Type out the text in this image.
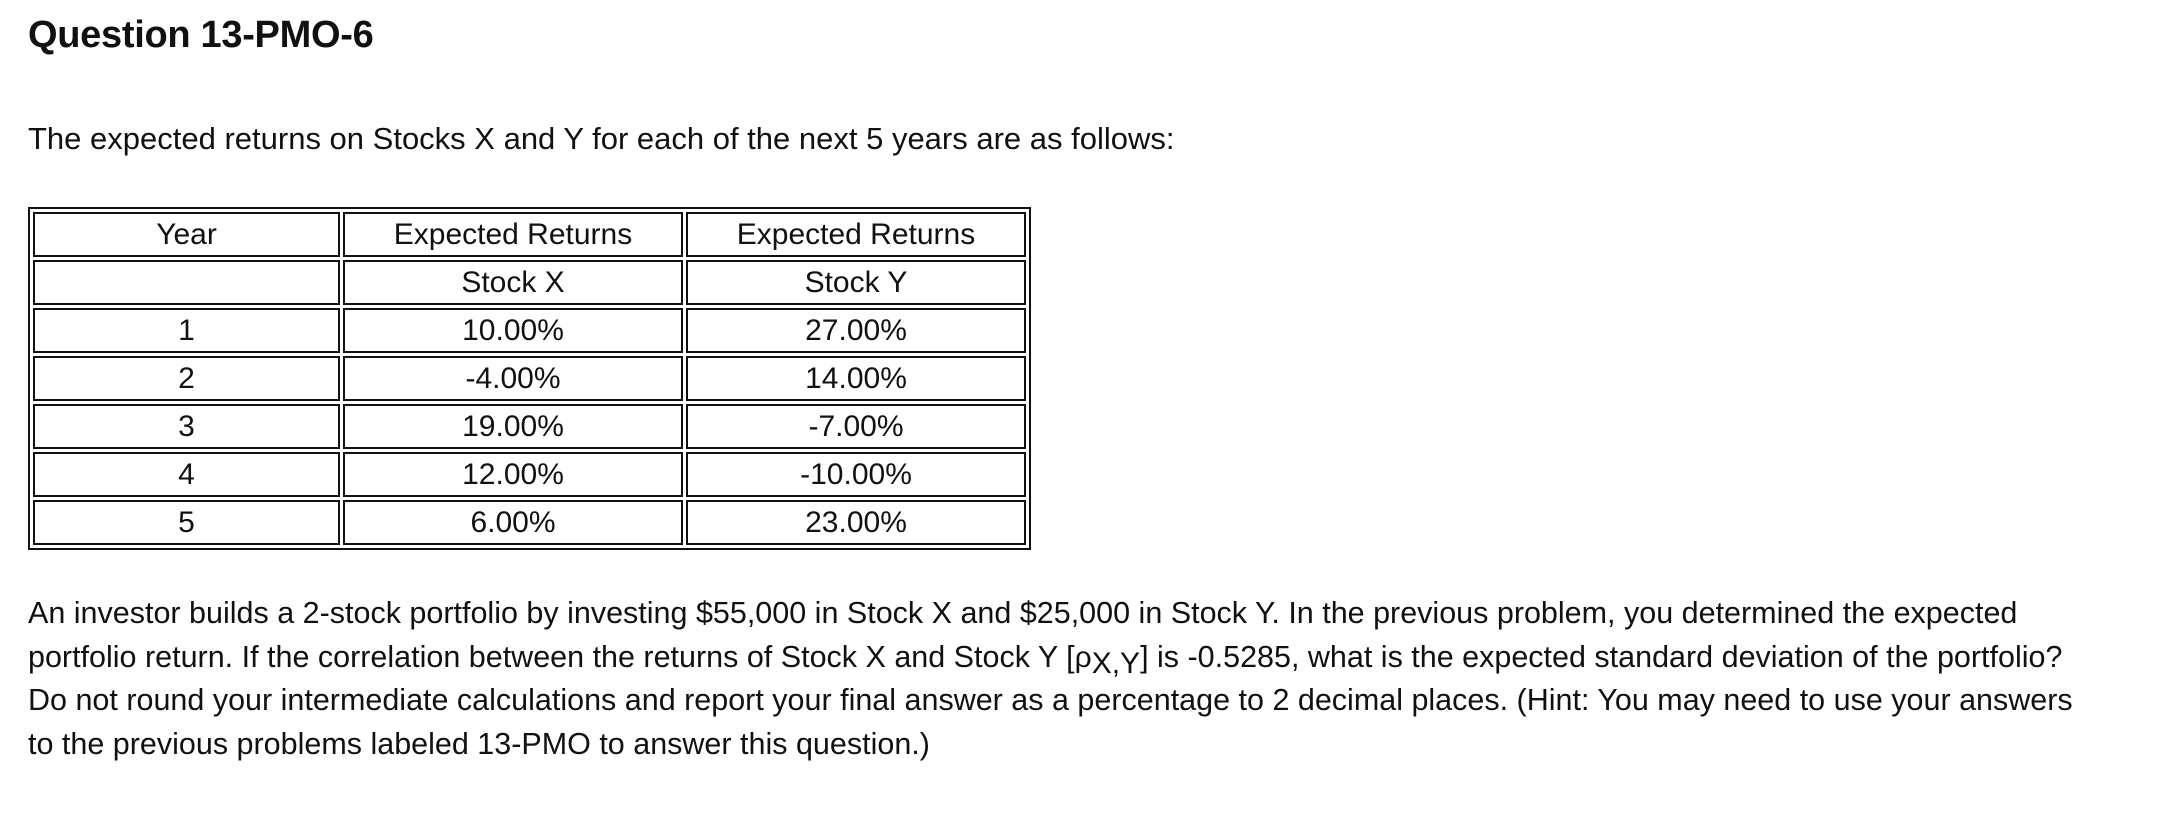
Question 13-PMO-6

The expected returns on Stocks X and Y for each of the next 5 years are as follows:

Year	Expected Returns	Expected Returns
	Stock X	Stock Y
1	10.00%	27.00%
2	-4.00%	14.00%
3	19.00%	-7.00%
4	12.00%	-10.00%
5	6.00%	23.00%

An investor builds a 2-stock portfolio by investing $55,000 in Stock X and $25,000 in Stock Y. In the previous problem, you determined the expected
portfolio return. If the correlation between the returns of Stock X and Stock Y [ρX,Y] is -0.5285, what is the expected standard deviation of the portfolio?
Do not round your intermediate calculations and report your final answer as a percentage to 2 decimal places. (Hint: You may need to use your answers
to the previous problems labeled 13-PMO to answer this question.)
